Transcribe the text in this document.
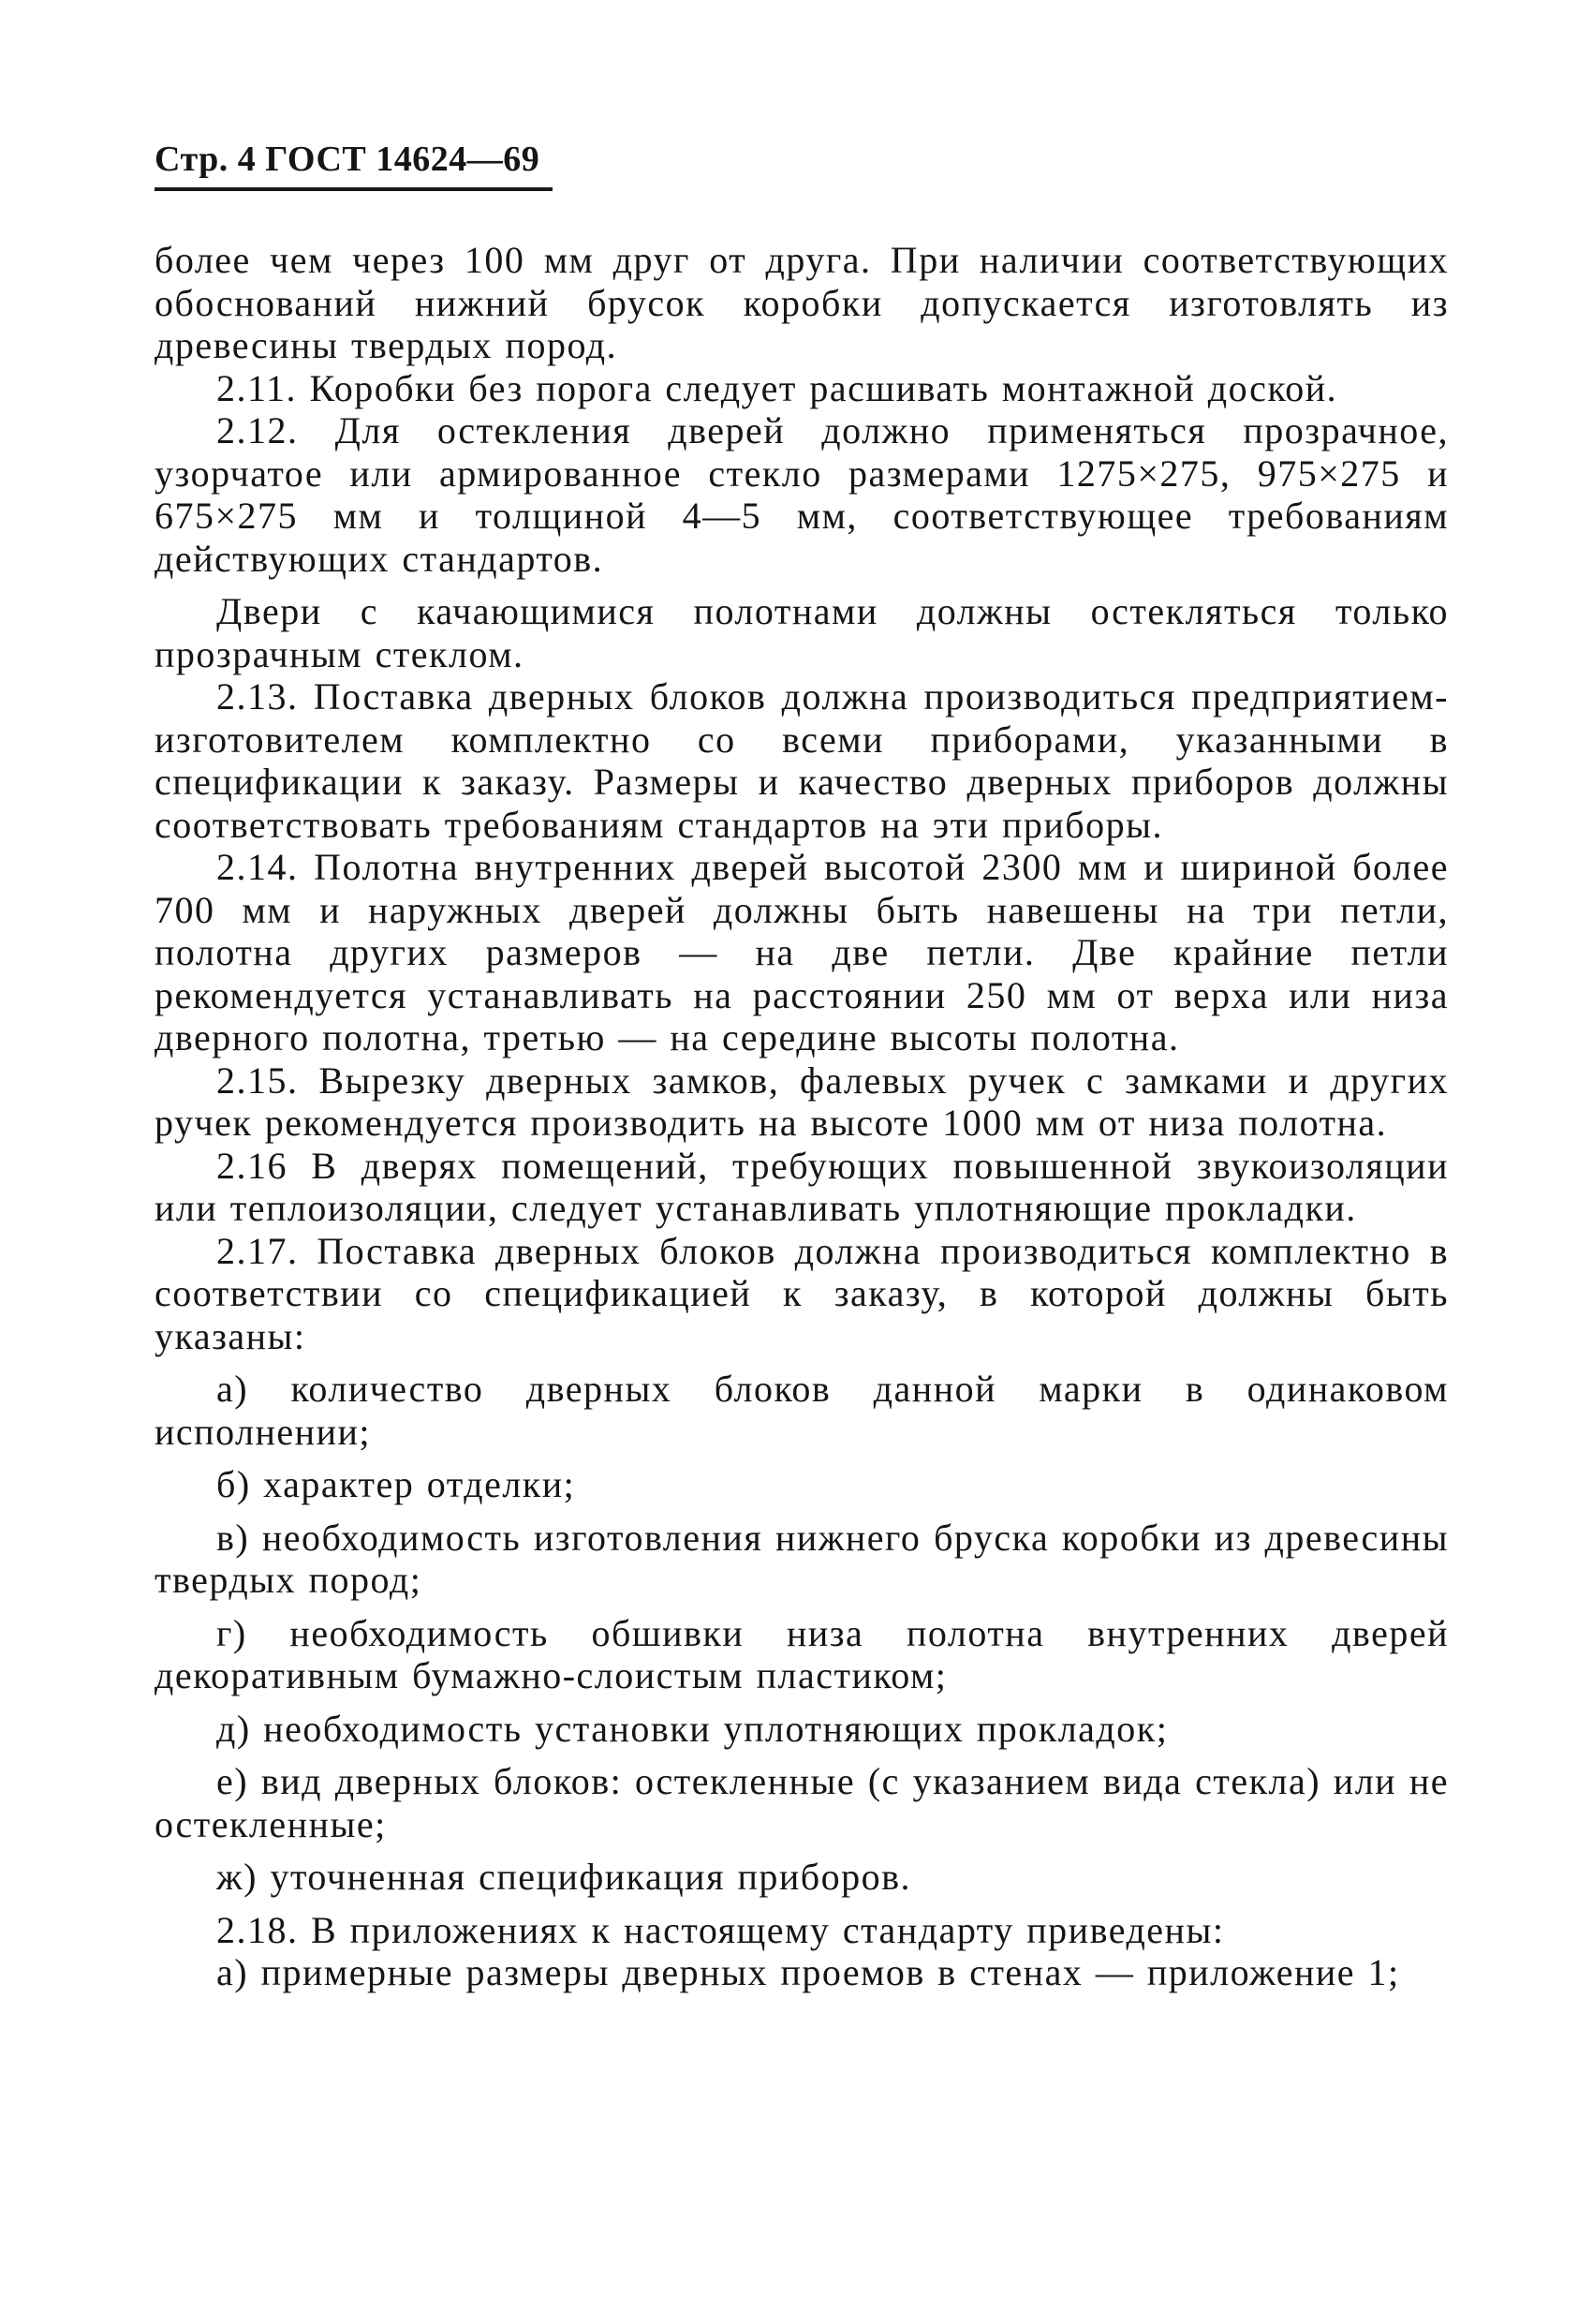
Стр. 4 ГОСТ 14624—69

более чем через 100 мм друг от друга. При наличии соответствующих обоснований нижний брусок коробки допускается изготовлять из древесины твердых пород.

2.11. Коробки без порога следует расшивать монтажной доской.

2.12. Для остекления дверей должно применяться прозрачное, узорчатое или армированное стекло размерами 1275×275, 975×275 и 675×275 мм и толщиной 4—5 мм, соответствующее требованиям действующих стандартов.

Двери с качающимися полотнами должны остекляться только прозрачным стеклом.

2.13. Поставка дверных блоков должна производиться предприятием-изготовителем комплектно со всеми приборами, указанными в спецификации к заказу. Размеры и качество дверных приборов должны соответствовать требованиям стандартов на эти приборы.

2.14. Полотна внутренних дверей высотой 2300 мм и шириной более 700 мм и наружных дверей должны быть навешены на три петли, полотна других размеров — на две петли. Две крайние петли рекомендуется устанавливать на расстоянии 250 мм от верха или низа дверного полотна, третью — на середине высоты полотна.

2.15. Вырезку дверных замков, фалевых ручек с замками и других ручек рекомендуется производить на высоте 1000 мм от низа полотна.

2.16 В дверях помещений, требующих повышенной звукоизоляции или теплоизоляции, следует устанавливать уплотняющие прокладки.

2.17. Поставка дверных блоков должна производиться комплектно в соответствии со спецификацией к заказу, в которой должны быть указаны:

а) количество дверных блоков данной марки в одинаковом исполнении;

б) характер отделки;

в) необходимость изготовления нижнего бруска коробки из древесины твердых пород;

г) необходимость обшивки низа полотна внутренних дверей декоративным бумажно-слоистым пластиком;

д) необходимость установки уплотняющих прокладок;

е) вид дверных блоков: остекленные (с указанием вида стекла) или не остекленные;

ж) уточненная спецификация приборов.

2.18. В приложениях к настоящему стандарту приведены:

а) примерные размеры дверных проемов в стенах — приложение 1;
